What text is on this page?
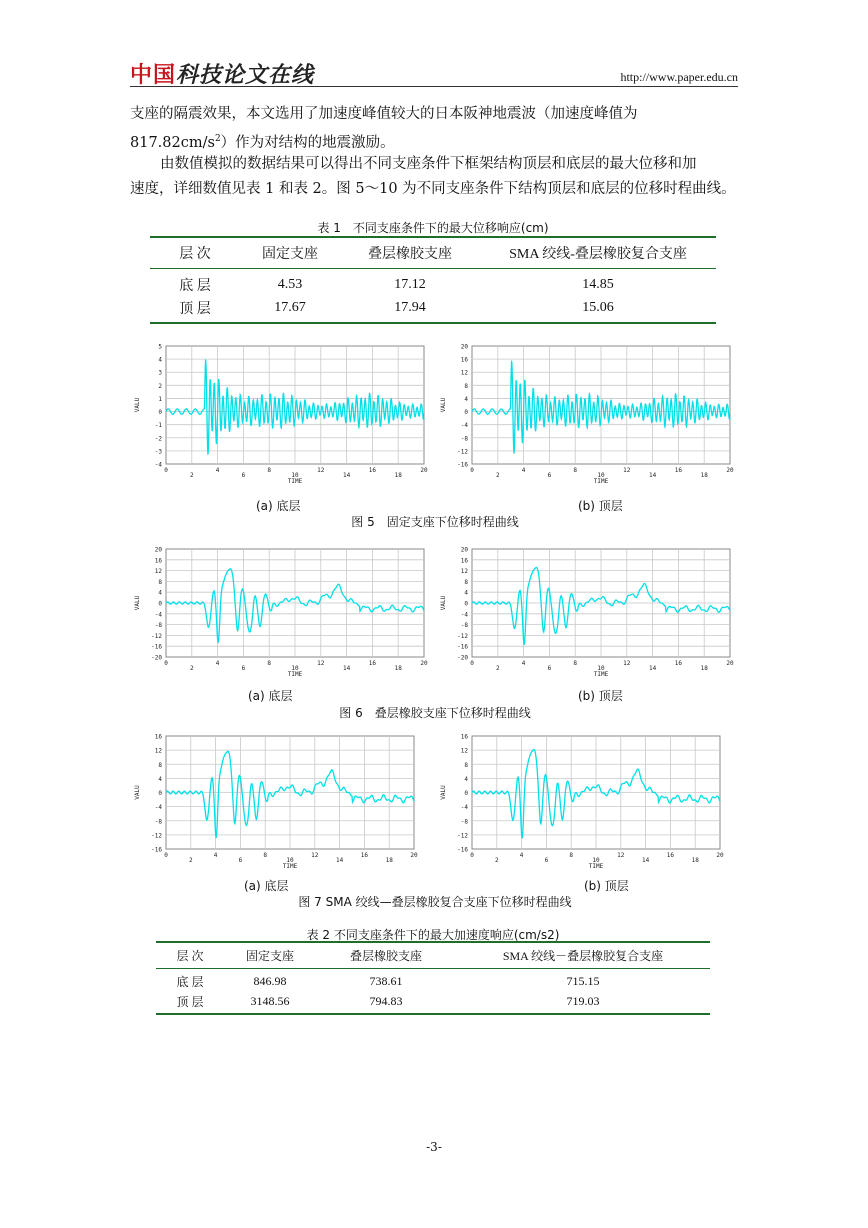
中国科技论文在线	http://www.paper.edu.cn
支座的隔震效果，本文选用了加速度峰值较大的日本阪神地震波（加速度峰值为
$817.82cm/s^2$）作为对结构的地震激励。
由数值模拟的数据结果可以得出不同支座条件下框架结构顶层和底层的最大位移和加
速度，详细数值见表 1 和表 2。图 5～10 为不同支座条件下结构顶层和底层的位移时程曲线。
表 1　不同支座条件下的最大位移响应(cm)
层 次	固定支座	叠层橡胶支座	SMA 绞线-叠层橡胶复合支座
底 层	4.53	17.12	14.85
顶 层	17.67	17.94	15.06
5
4
3
2
1
0
-1
-2
-3
-4
0	4	8	12	16	20
2	6	10	14	18
TIME
VALU
20
16
12
8
4
0
-4
-8
-12
-16
0	4	8	12	16	20
2	6	10	14	18
TIME
VALU
(a) 底层	(b) 顶层
图 5　固定支座下位移时程曲线
20
16
12
8
4
0
-4
-8
-12
-16
-20
0	4	8	12	16	20
2	6	10	14	18
TIME
VALU
20
16
12
8
4
0
-4
-8
-12
-16
-20
0	4	8	12	16	20
2	6	10	14	18
TIME
VALU
(a) 底层	(b) 顶层
图 6　叠层橡胶支座下位移时程曲线
16
12
8
4
0
-4
-8
-12
-16
0	4	8	12	16	20
2	6	10	14	18
TIME
VALU
16
12
8
4
0
-4
-8
-12
-16
0	4	8	12	16	20
2	6	10	14	18
TIME
VALU
(a) 底层	(b) 顶层
图 7 SMA 绞线—叠层橡胶复合支座下位移时程曲线
表 2 不同支座条件下的最大加速度响应(cm/s2)
层 次	固定支座	叠层橡胶支座	SMA 绞线－叠层橡胶复合支座
底 层	846.98	738.61	715.15
顶 层	3148.56	794.83	719.03
-3-
